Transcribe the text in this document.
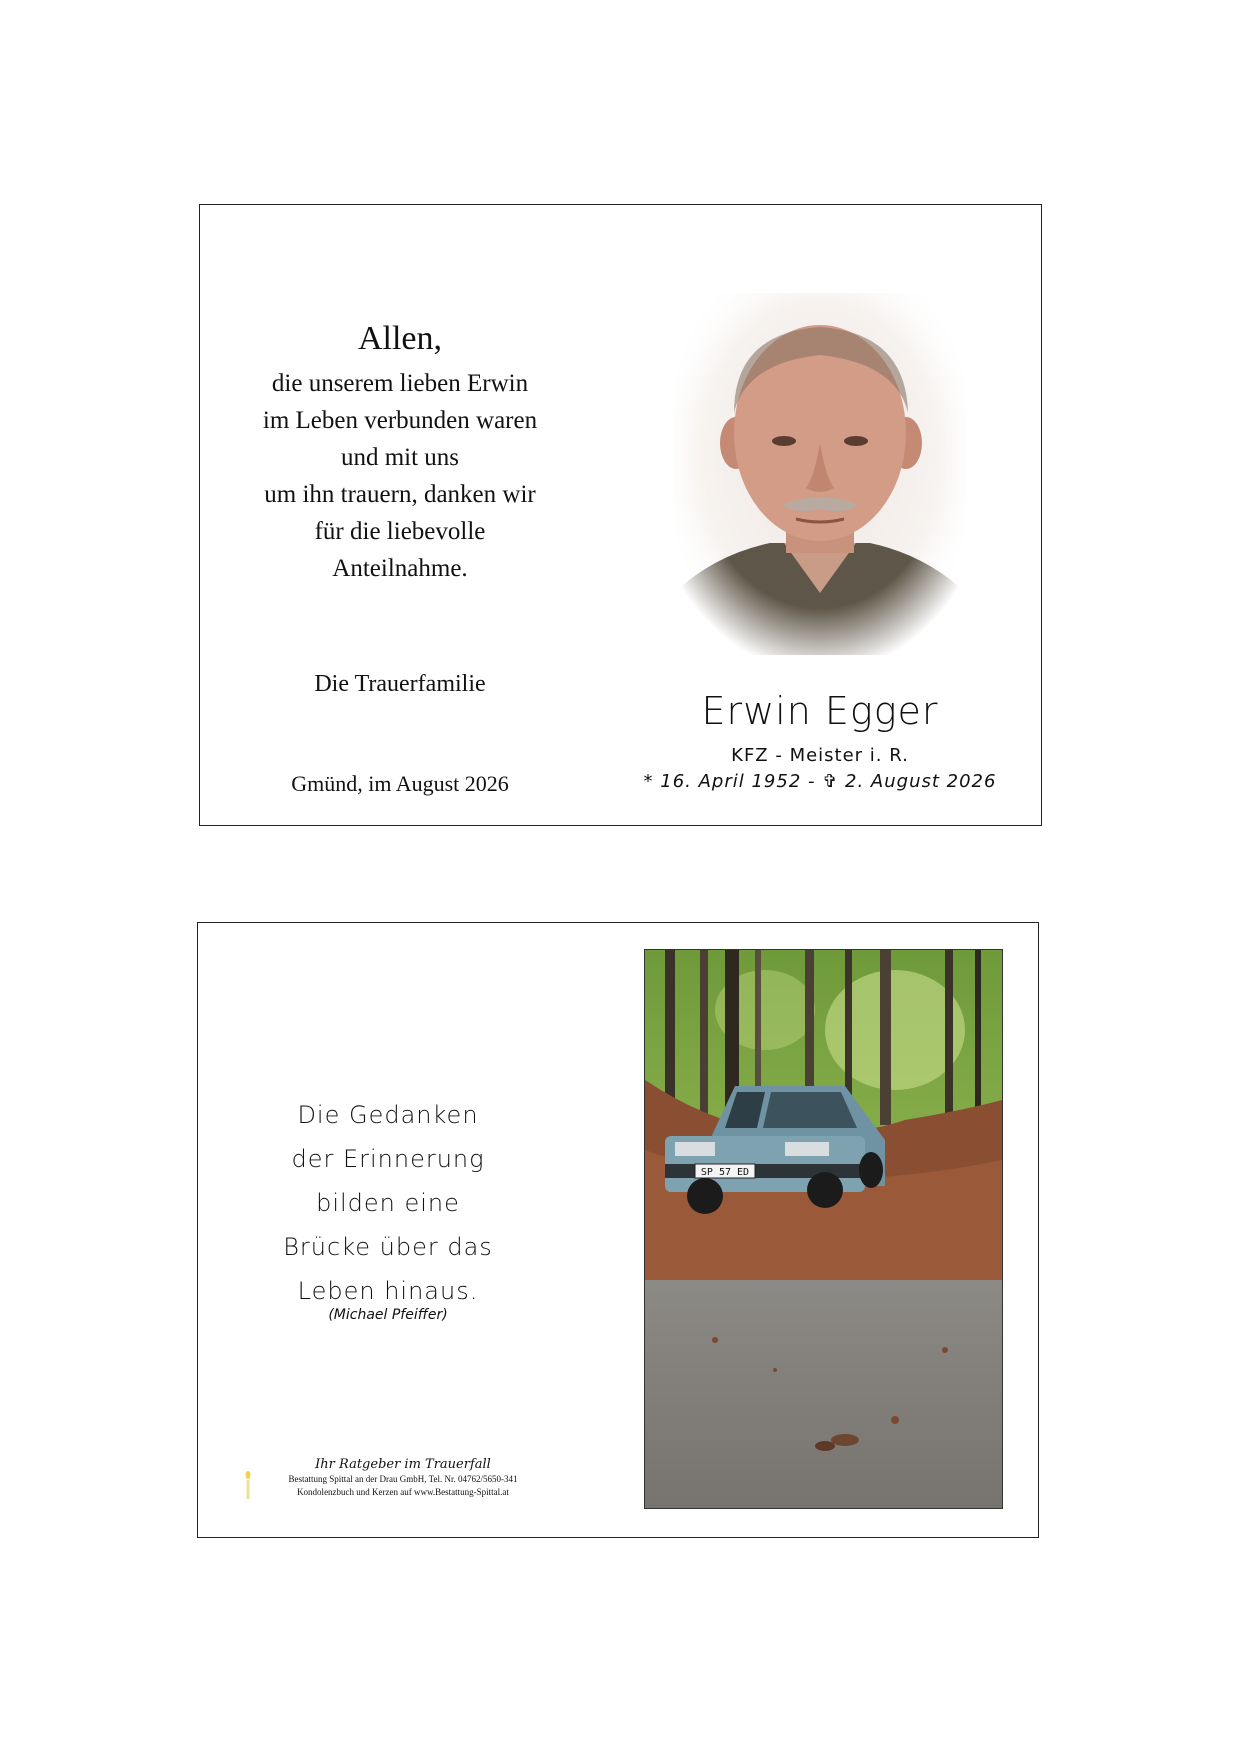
Allen,
die unserem lieben Erwin
im Leben verbunden waren
und mit uns
um ihn trauern, danken wir
für die liebevolle
Anteilnahme.
Die Trauerfamilie
Gmünd, im August 2026
Erwin Egger
KFZ - Meister i. R.
* 16. April 1952 - ✞ 2. August 2026
Die Gedanken
der Erinnerung
bilden eine
Brücke über das
Leben hinaus.
(Michael Pfeiffer)
Ihr Ratgeber im Trauerfall
Bestattung Spittal an der Drau GmbH, Tel. Nr. 04762/5650-341
Kondolenzbuch und Kerzen auf www.Bestattung-Spittal.at
SP 57 ED
